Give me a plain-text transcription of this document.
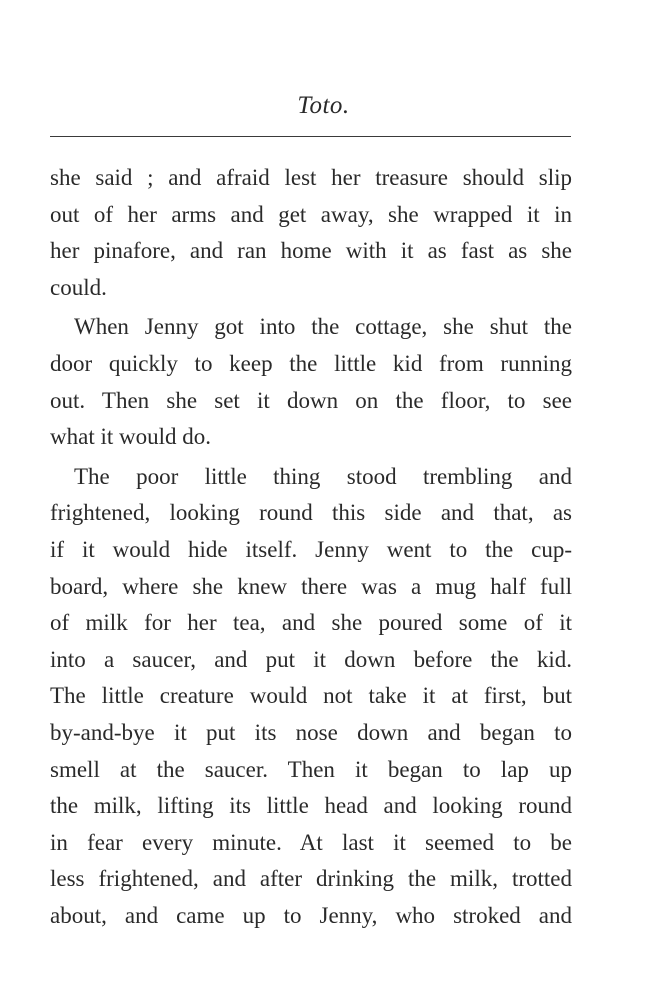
Toto.
she said ; and afraid lest her treasure should slip
out of her arms and get away, she wrapped it in
her pinafore, and ran home with it as fast as she
could.
When Jenny got into the cottage, she shut the
door quickly to keep the little kid from running
out. Then she set it down on the floor, to see
what it would do.
The poor little thing stood trembling and
frightened, looking round this side and that, as
if it would hide itself. Jenny went to the cup-
board, where she knew there was a mug half full
of milk for her tea, and she poured some of it
into a saucer, and put it down before the kid.
The little creature would not take it at first, but
by-and-bye it put its nose down and began to
smell at the saucer. Then it began to lap up
the milk, lifting its little head and looking round
in fear every minute. At last it seemed to be
less frightened, and after drinking the milk, trotted
about, and came up to Jenny, who stroked and
